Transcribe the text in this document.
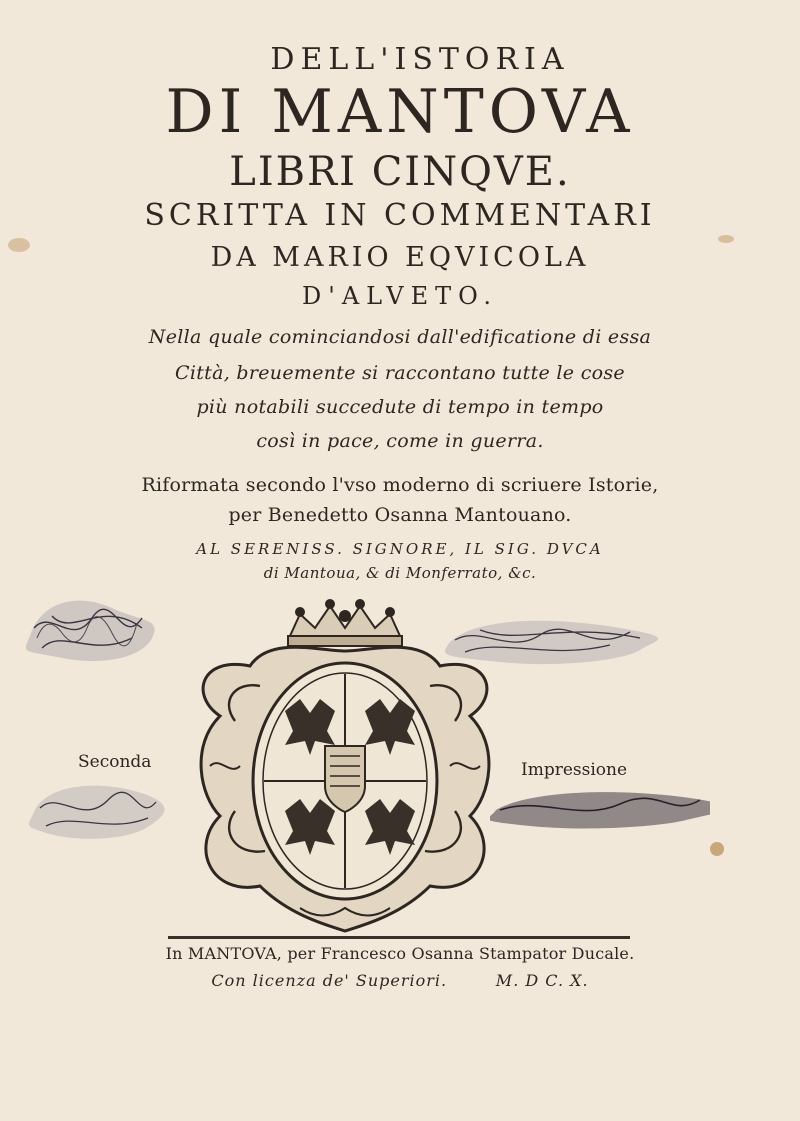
DELL'ISTORIA
DI MANTOVA
LIBRI CINQVE.
SCRITTA IN COMMENTARI
DA MARIO EQVICOLA
D'ALVETO.
Nella quale cominciandosi dall'edificatione di essa
Città, breuemente si raccontano tutte le cose
più notabili succedute di tempo in tempo
così in pace, come in guerra.
Riformata secondo l'vso moderno di scriuere Istorie,
per Benedetto Osanna Mantouano.
AL SERENISS. SIGNORE, IL SIG. DVCA
di Mantoua, & di Monferrato, &c.
Seconda	Impressione
In MANTOVA, per Francesco Osanna Stampator Ducale.
Con licenza de' Superiori.        M. D C. X.
